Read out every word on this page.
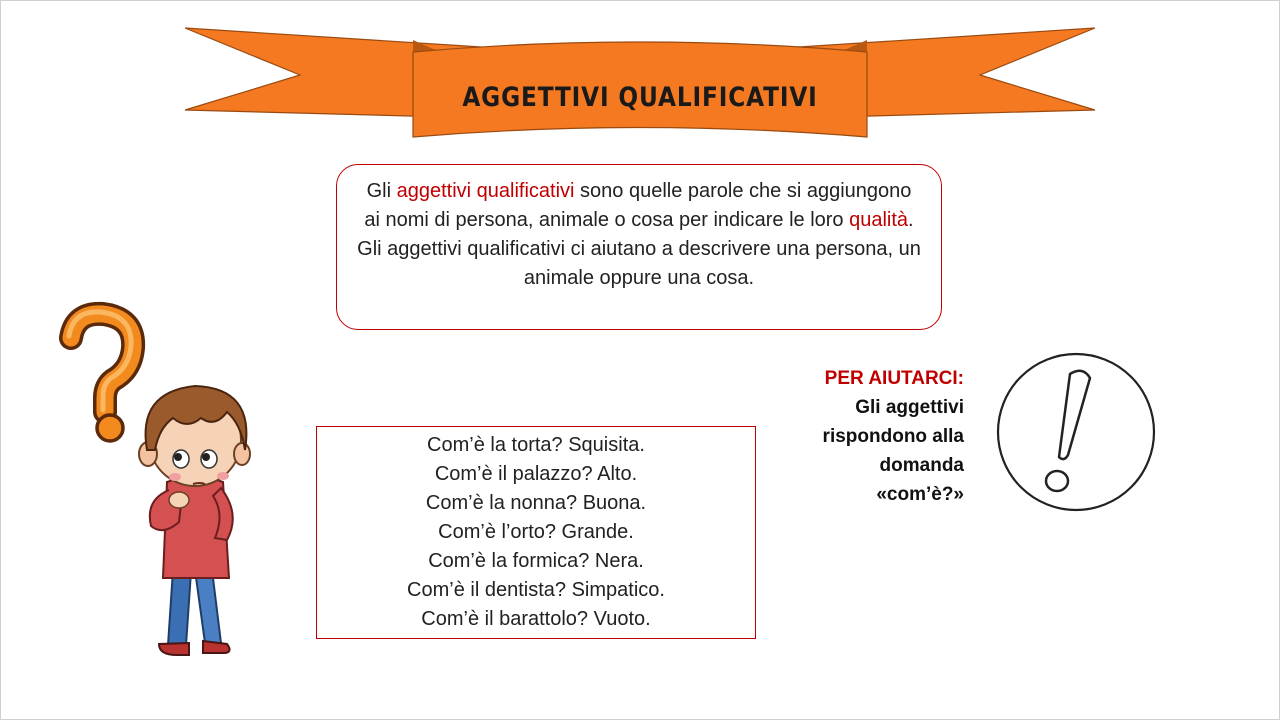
AGGETTIVI QUALIFICATIVI
Gli aggettivi qualificativi sono quelle parole che si aggiungono ai nomi di persona, animale o cosa per indicare le loro qualità.
Gli aggettivi qualificativi ci aiutano a descrivere una persona, un animale oppure una cosa.
Com’è la torta? Squisita.
Com’è il palazzo? Alto.
Com’è la nonna? Buona.
Com’è l’orto? Grande.
Com’è la formica? Nera.
Com’è il dentista? Simpatico.
Com’è il barattolo? Vuoto.
PER AIUTARCI:
Gli aggettivi
rispondono alla
domanda
«com’è?»
